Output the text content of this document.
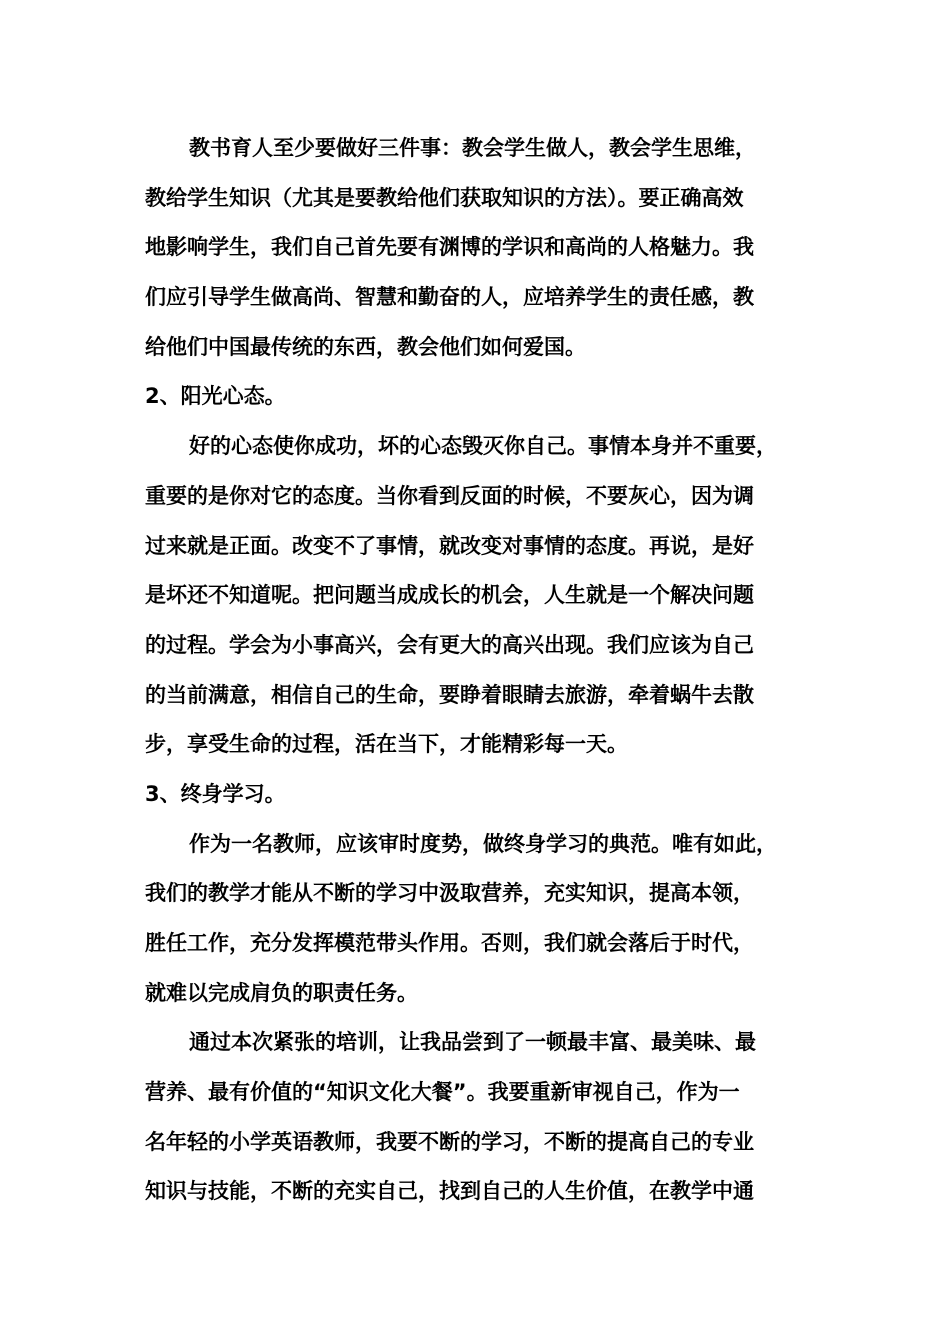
教书育人至少要做好三件事：教会学生做人，教会学生思维，
教给学生知识（尤其是要教给他们获取知识的方法）。要正确高效
地影响学生，我们自己首先要有渊博的学识和高尚的人格魅力。我
们应引导学生做高尚、智慧和勤奋的人，应培养学生的责任感，教
给他们中国最传统的东西，教会他们如何爱国。
2、阳光心态。
好的心态使你成功，坏的心态毁灭你自己。事情本身并不重要，
重要的是你对它的态度。当你看到反面的时候，不要灰心，因为调
过来就是正面。改变不了事情，就改变对事情的态度。再说，是好
是坏还不知道呢。把问题当成成长的机会，人生就是一个解决问题
的过程。学会为小事高兴，会有更大的高兴出现。我们应该为自己
的当前满意，相信自己的生命，要睁着眼睛去旅游，牵着蜗牛去散
步，享受生命的过程，活在当下，才能精彩每一天。
3、终身学习。
作为一名教师，应该审时度势，做终身学习的典范。唯有如此，
我们的教学才能从不断的学习中汲取营养，充实知识，提高本领，
胜任工作，充分发挥模范带头作用。否则，我们就会落后于时代，
就难以完成肩负的职责任务。
通过本次紧张的培训，让我品尝到了一顿最丰富、最美味、最
营养、最有价值的“知识文化大餐”。我要重新审视自己，作为一
名年轻的小学英语教师，我要不断的学习，不断的提高自己的专业
知识与技能，不断的充实自己，找到自己的人生价值，在教学中通
